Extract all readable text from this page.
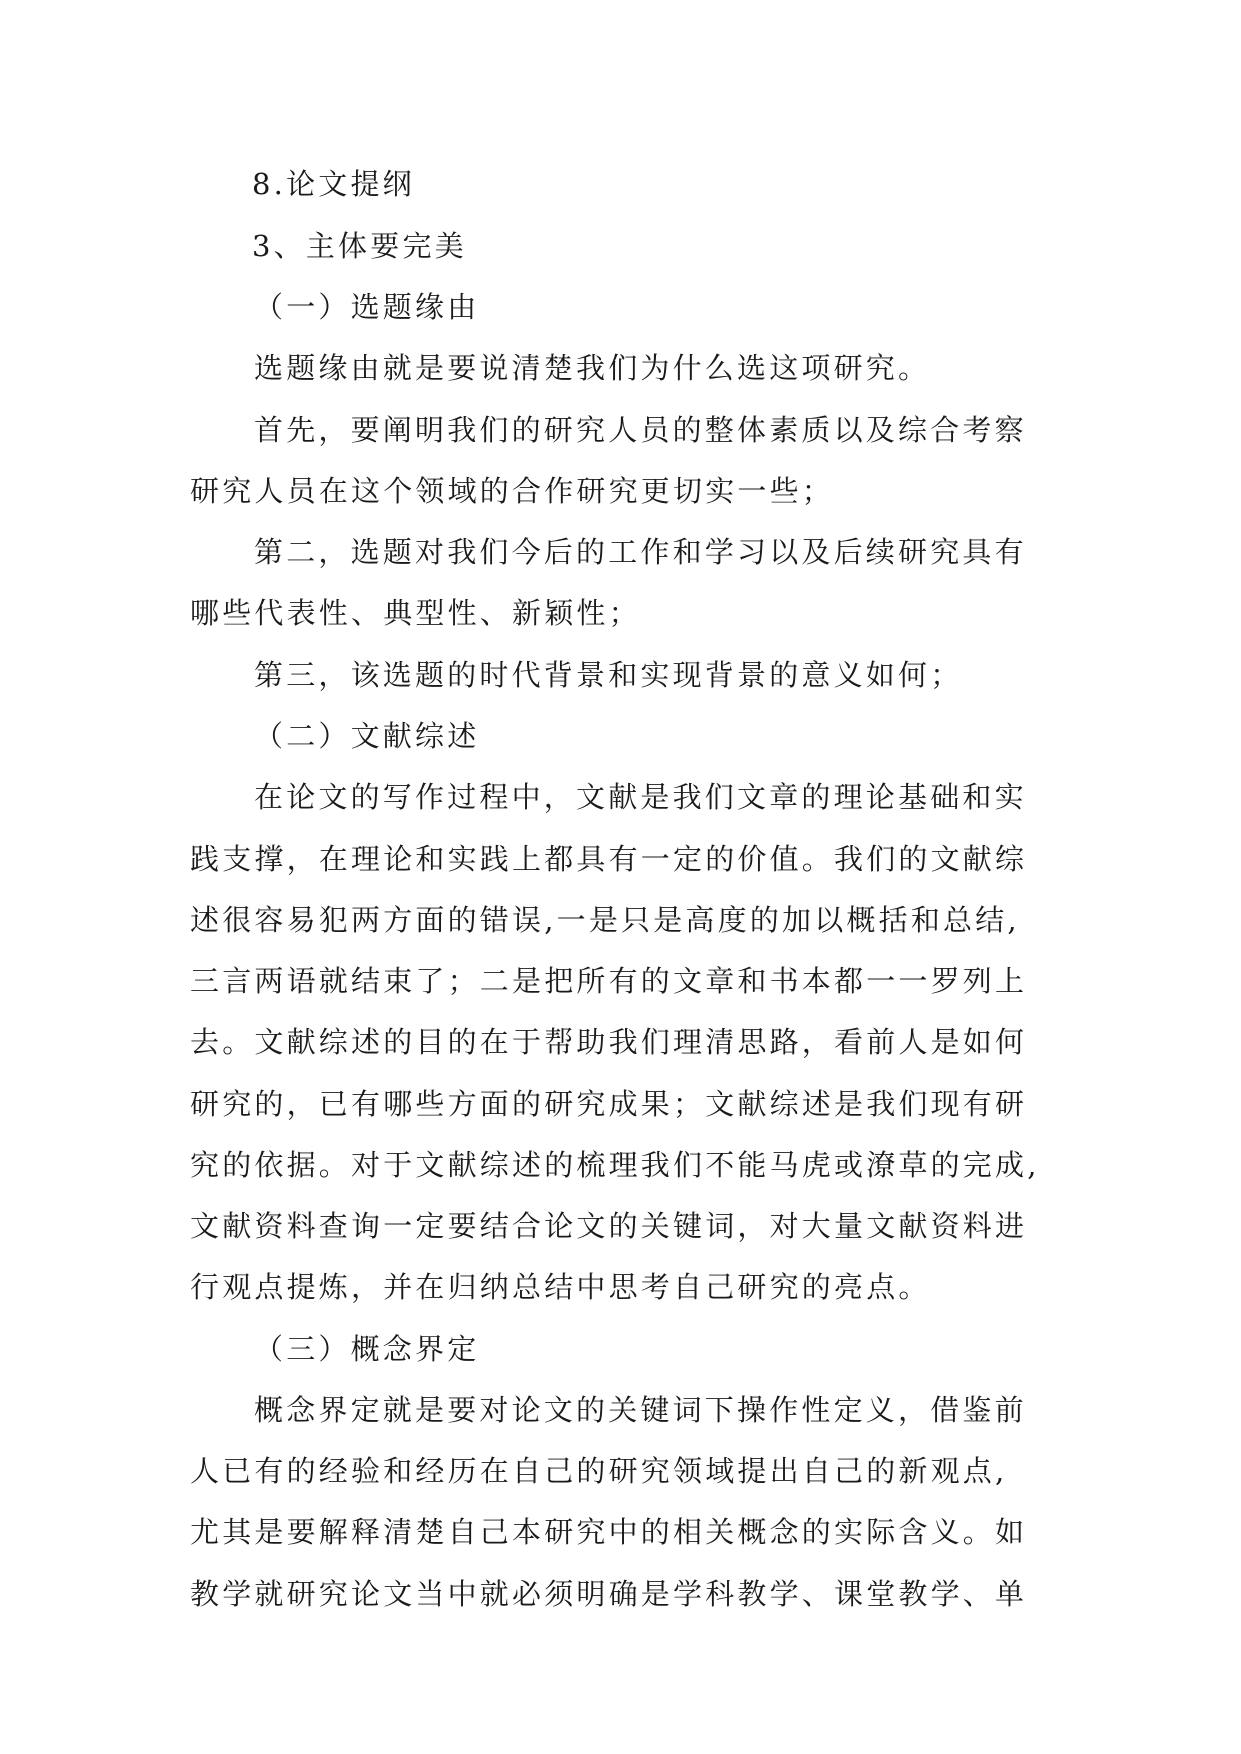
8.论文提纲
3、主体要完美
（一）选题缘由
选题缘由就是要说清楚我们为什么选这项研究。
首先，要阐明我们的研究人员的整体素质以及综合考察
研究人员在这个领域的合作研究更切实一些；
第二，选题对我们今后的工作和学习以及后续研究具有
哪些代表性、典型性、新颖性；
第三，该选题的时代背景和实现背景的意义如何；
（二）文献综述
在论文的写作过程中，文献是我们文章的理论基础和实
践支撑，在理论和实践上都具有一定的价值。我们的文献综
述很容易犯两方面的错误,一是只是高度的加以概括和总结,
三言两语就结束了；二是把所有的文章和书本都一一罗列上
去。文献综述的目的在于帮助我们理清思路，看前人是如何
研究的，已有哪些方面的研究成果；文献综述是我们现有研
究的依据。对于文献综述的梳理我们不能马虎或潦草的完成,
文献资料查询一定要结合论文的关键词，对大量文献资料进
行观点提炼，并在归纳总结中思考自己研究的亮点。
（三）概念界定
概念界定就是要对论文的关键词下操作性定义，借鉴前
人已有的经验和经历在自己的研究领域提出自己的新观点,
尤其是要解释清楚自己本研究中的相关概念的实际含义。如
教学就研究论文当中就必须明确是学科教学、课堂教学、单
